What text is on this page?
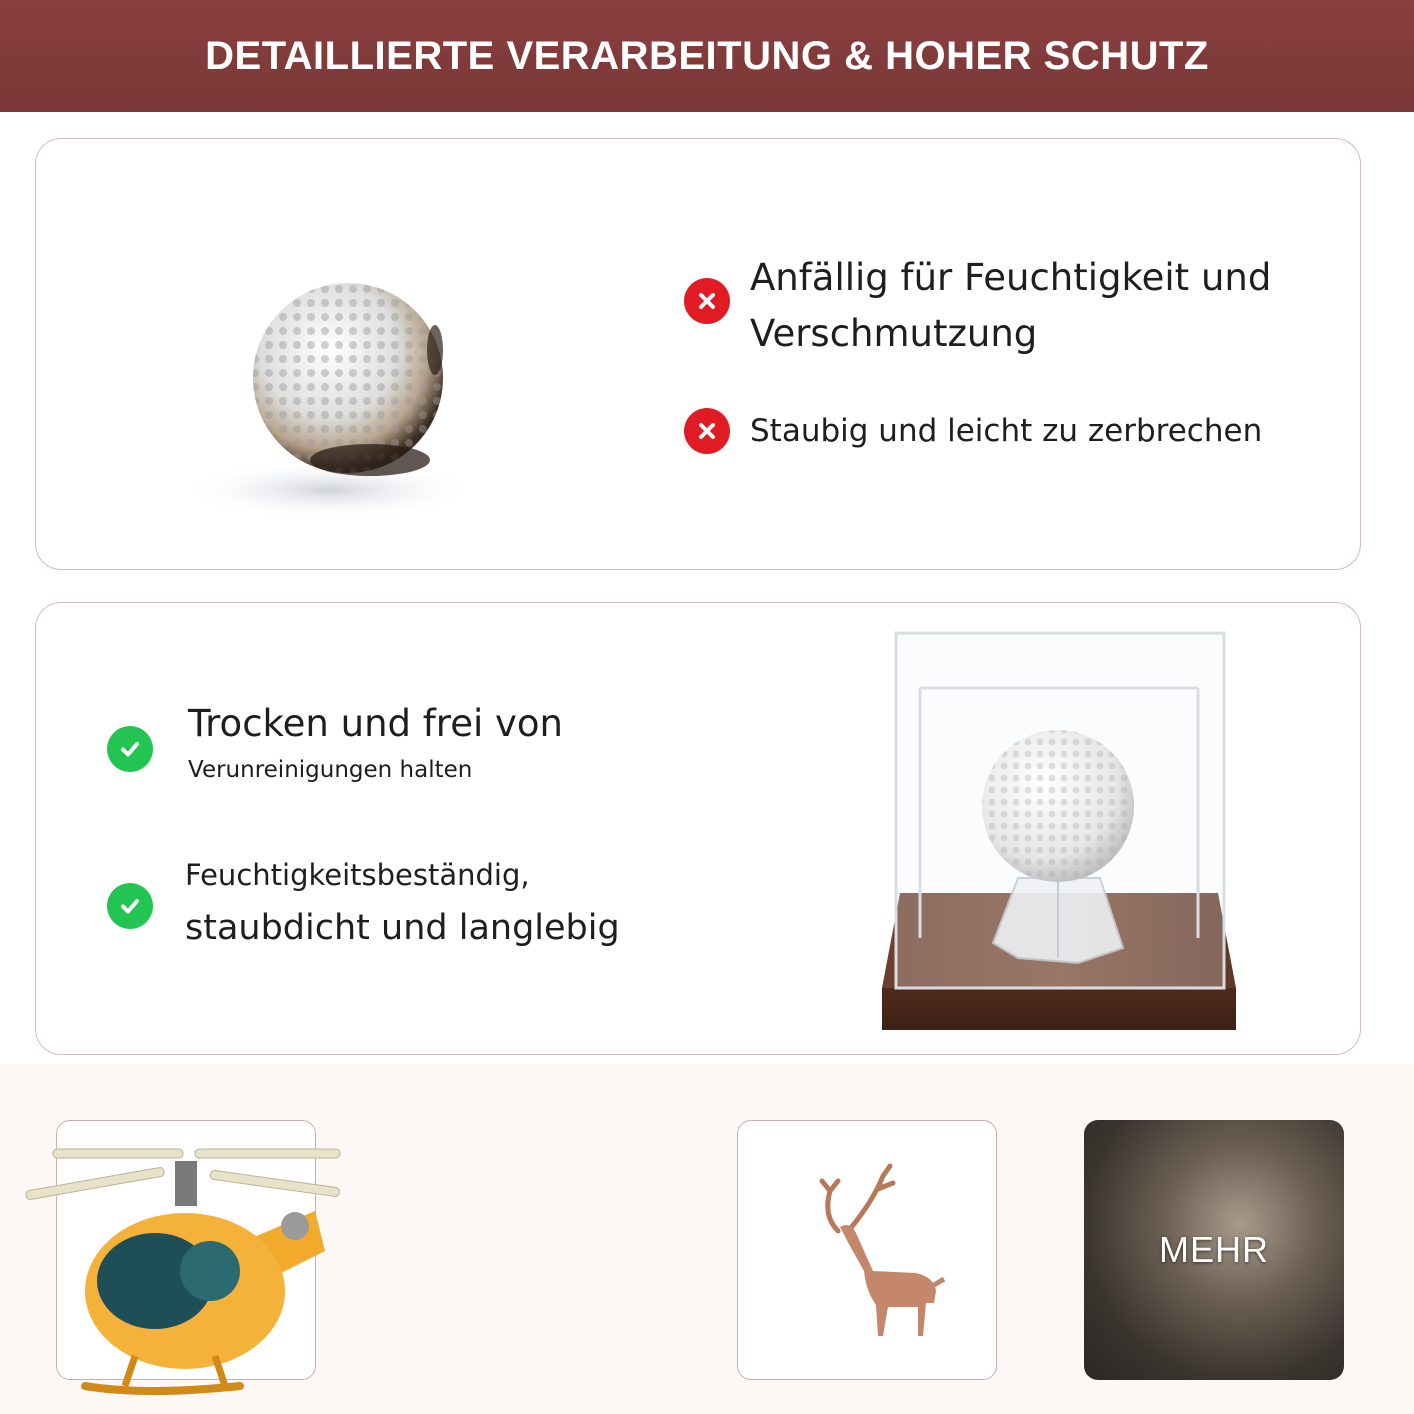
DETAILLIERTE VERARBEITUNG & HOHER SCHUTZ
Anfällig für Feuchtigkeit und
Verschmutzung
Staubig und leicht zu zerbrechen
Trocken und frei von
Verunreinigungen halten
Feuchtigkeitsbeständig,
staubdicht und langlebig
MEHR
